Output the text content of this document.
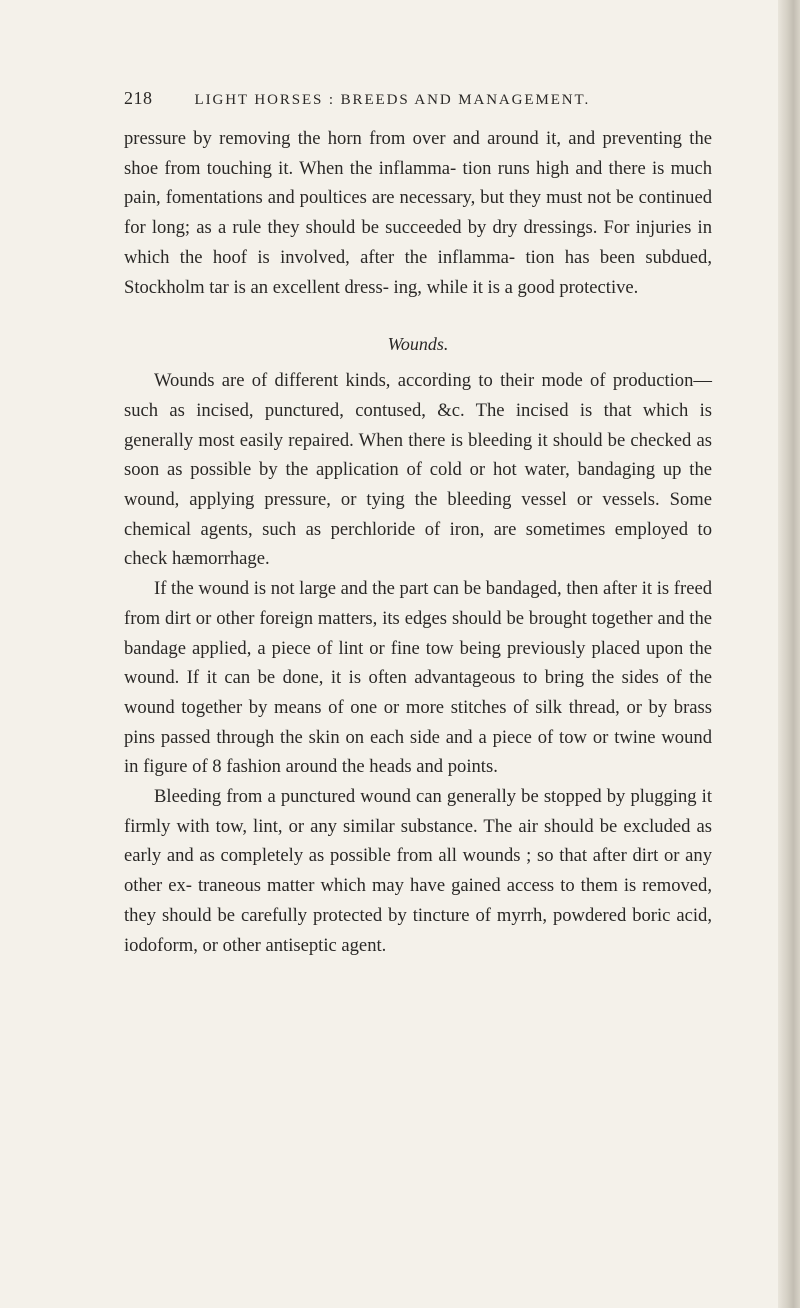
218	LIGHT HORSES : BREEDS AND MANAGEMENT.

pressure by removing the horn from over and around it, and preventing the shoe from touching it. When the inflamma- tion runs high and there is much pain, fomentations and poultices are necessary, but they must not be continued for long; as a rule they should be succeeded by dry dressings. For injuries in which the hoof is involved, after the inflamma- tion has been subdued, Stockholm tar is an excellent dress- ing, while it is a good protective.

Wounds.

Wounds are of different kinds, according to their mode of production—such as incised, punctured, contused, &c. The incised is that which is generally most easily repaired. When there is bleeding it should be checked as soon as possible by the application of cold or hot water, bandaging up the wound, applying pressure, or tying the bleeding vessel or vessels. Some chemical agents, such as perchloride of iron, are sometimes employed to check hæmorrhage.

If the wound is not large and the part can be bandaged, then after it is freed from dirt or other foreign matters, its edges should be brought together and the bandage applied, a piece of lint or fine tow being previously placed upon the wound. If it can be done, it is often advantageous to bring the sides of the wound together by means of one or more stitches of silk thread, or by brass pins passed through the skin on each side and a piece of tow or twine wound in figure of 8 fashion around the heads and points.

Bleeding from a punctured wound can generally be stopped by plugging it firmly with tow, lint, or any similar substance. The air should be excluded as early and as completely as possible from all wounds ; so that after dirt or any other ex- traneous matter which may have gained access to them is removed, they should be carefully protected by tincture of myrrh, powdered boric acid, iodoform, or other antiseptic agent.
